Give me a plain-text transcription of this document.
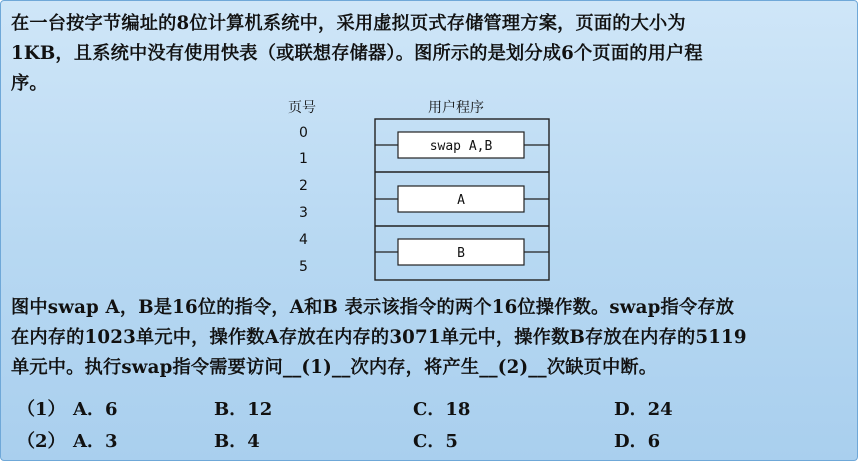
在一台按字节编址的8位计算机系统中，采用虚拟页式存储管理方案，页面的大小为
1KB，且系统中没有使用快表（或联想存储器）。图所示的是划分成6个页面的用户程
序。
页号	用户程序
0
1
2
3
4
5
swap A,B
A
B
图中swap A，B是16位的指令，A和B 表示该指令的两个16位操作数。swap指令存放
在内存的1023单元中，操作数A存放在内存的3071单元中，操作数B存放在内存的5119
单元中。执行swap指令需要访问__(1)__次内存，将产生__(2)__次缺页中断。
（1） A．6	B．12	C．18	D．24
（2） A．3	B．4	C．5	D．6
